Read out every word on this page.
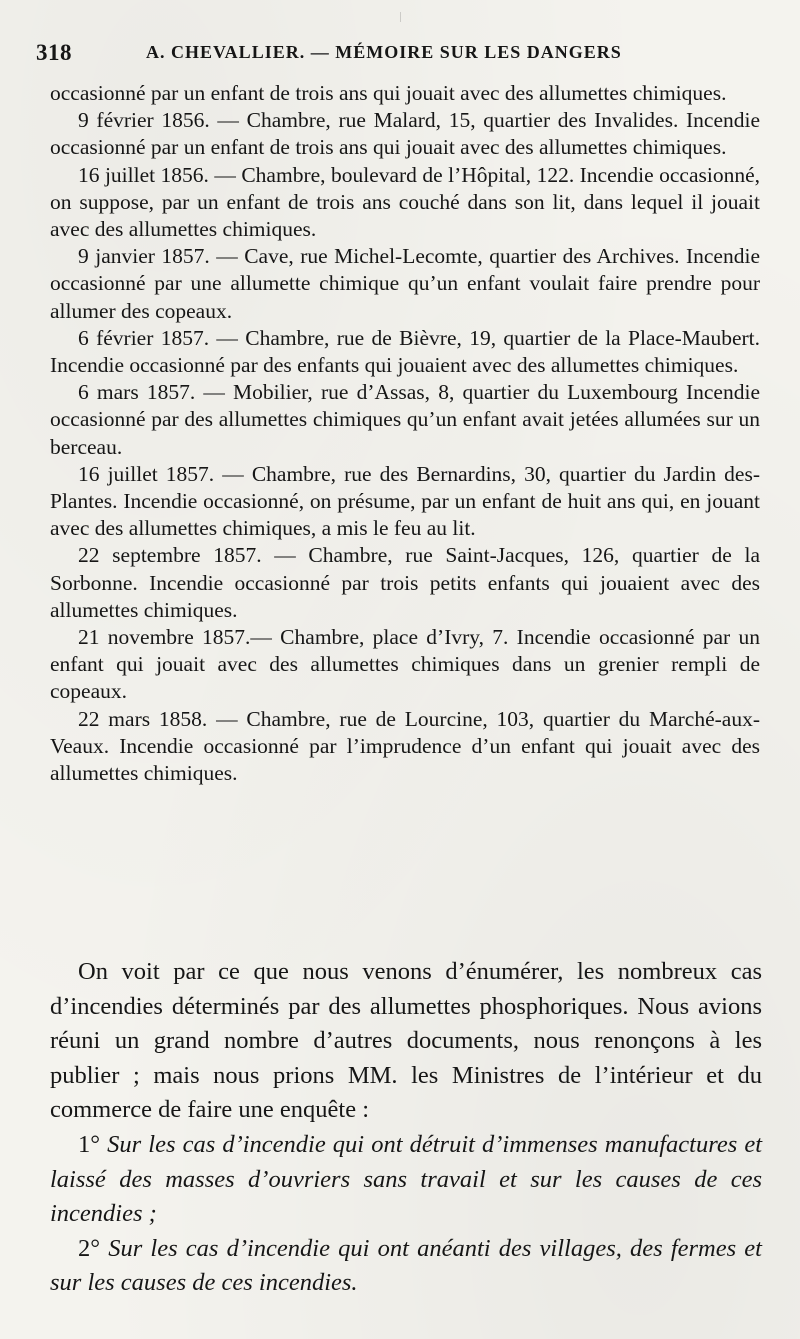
318	A. CHEVALLIER. — MÉMOIRE SUR LES DANGERS

occasionné par un enfant de trois ans qui jouait avec des allumettes chimiques.

9 février 1856. — Chambre, rue Malard, 15, quartier des Invalides. Incendie occasionné par un enfant de trois ans qui jouait avec des allumettes chimiques.

16 juillet 1856. — Chambre, boulevard de l’Hôpital, 122. Incendie occasionné, on suppose, par un enfant de trois ans couché dans son lit, dans lequel il jouait avec des allumettes chimiques.

9 janvier 1857. — Cave, rue Michel-Lecomte, quartier des Archives. Incendie occasionné par une allumette chimique qu’un enfant voulait faire prendre pour allumer des copeaux.

6 février 1857. — Chambre, rue de Bièvre, 19, quartier de la Place-Maubert. Incendie occasionné par des enfants qui jouaient avec des allumettes chimiques.

6 mars 1857. — Mobilier, rue d’Assas, 8, quartier du Luxembourg Incendie occasionné par des allumettes chimiques qu’un enfant avait jetées allumées sur un berceau.

16 juillet 1857. — Chambre, rue des Bernardins, 30, quartier du Jardin des-Plantes. Incendie occasionné, on présume, par un enfant de huit ans qui, en jouant avec des allumettes chimiques, a mis le feu au lit.

22 septembre 1857. — Chambre, rue Saint-Jacques, 126, quartier de la Sorbonne. Incendie occasionné par trois petits enfants qui jouaient avec des allumettes chimiques.

21 novembre 1857.— Chambre, place d’Ivry, 7. Incendie occasionné par un enfant qui jouait avec des allumettes chimiques dans un grenier rempli de copeaux.

22 mars 1858. — Chambre, rue de Lourcine, 103, quartier du Marché-aux-Veaux. Incendie occasionné par l’imprudence d’un enfant qui jouait avec des allumettes chimiques.

On voit par ce que nous venons d’énumérer, les nombreux cas d’incendies déterminés par des allumettes phosphoriques. Nous avions réuni un grand nombre d’autres documents, nous renonçons à les publier ; mais nous prions MM. les Ministres de l’intérieur et du commerce de faire une enquête :

1° Sur les cas d’incendie qui ont détruit d’immenses manufactures et laissé des masses d’ouvriers sans travail et sur les causes de ces incendies ;

2° Sur les cas d’incendie qui ont anéanti des villages, des fermes et sur les causes de ces incendies.
